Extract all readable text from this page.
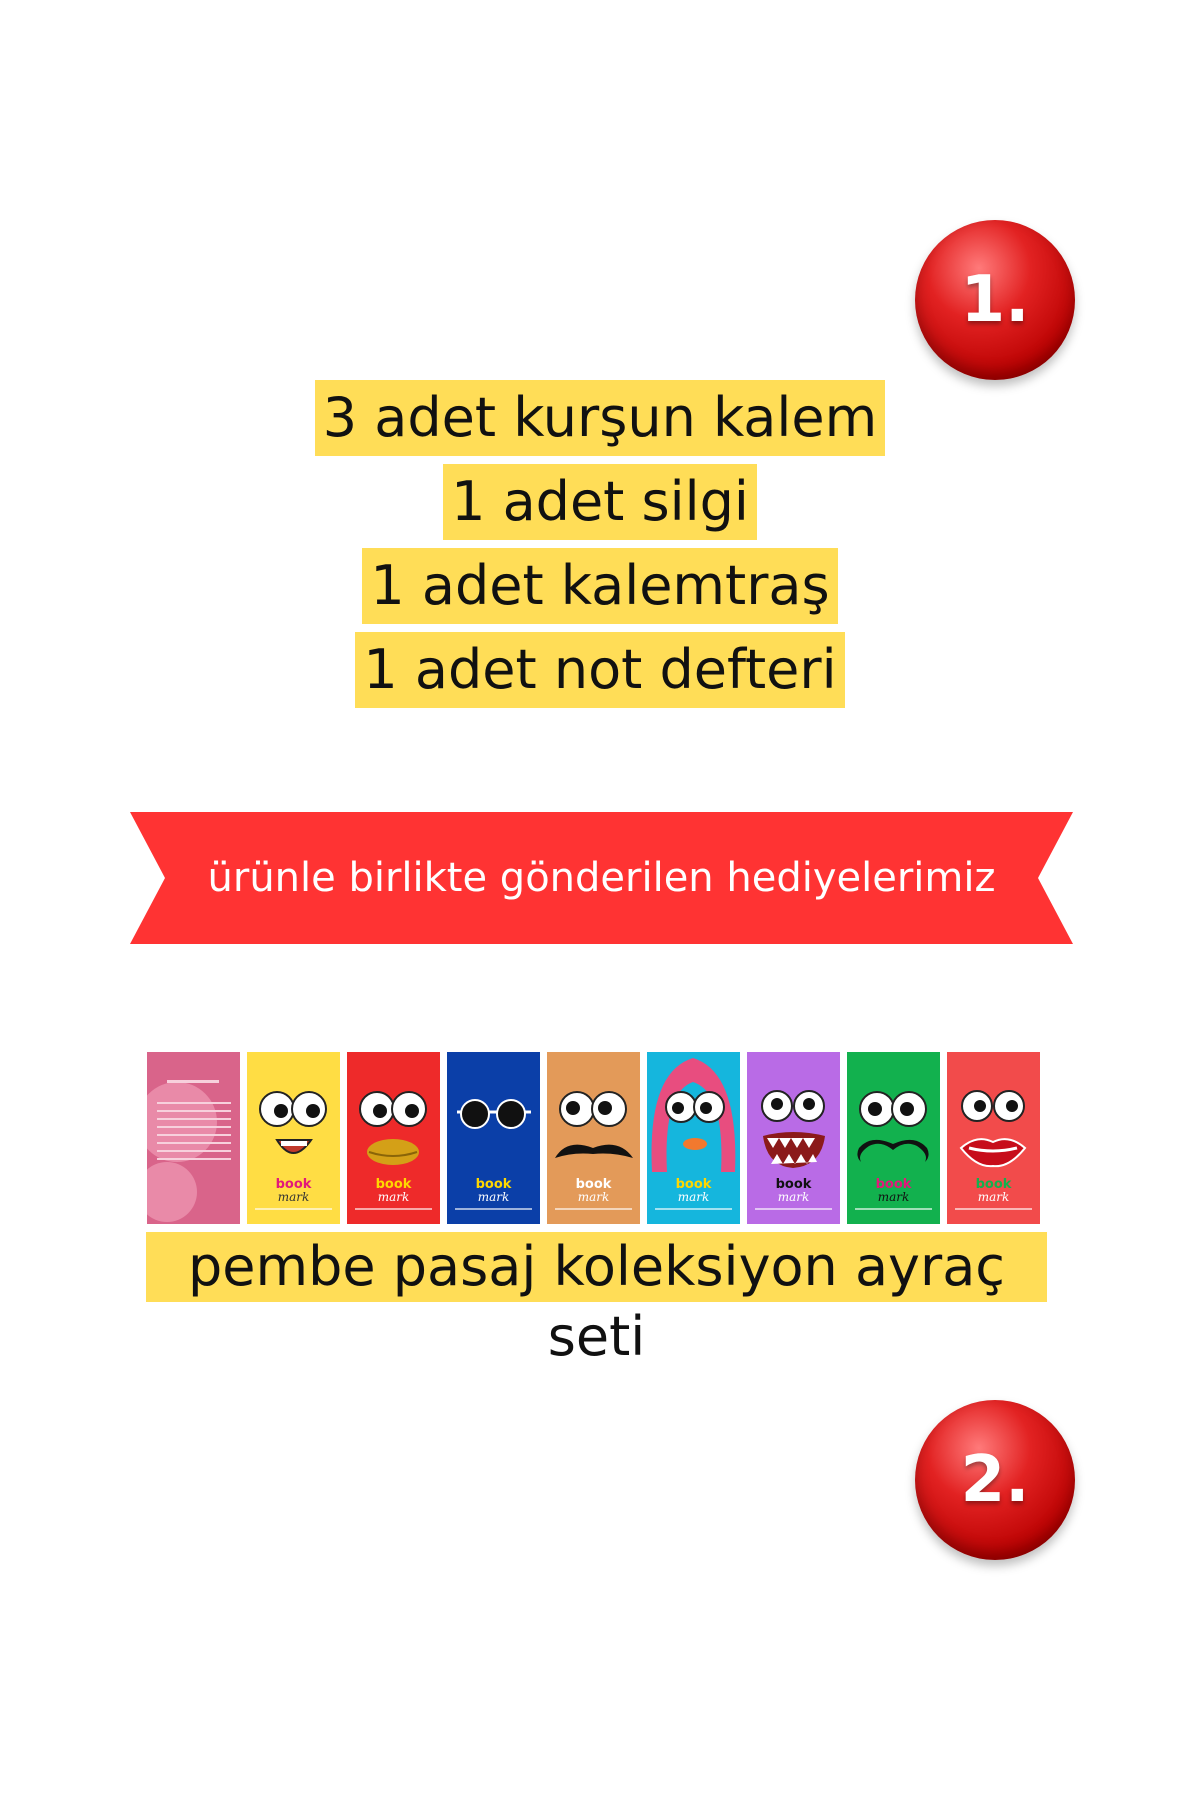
1.
3 adet kurşun kalem
1 adet silgi
1 adet kalemtraş
1 adet not defteri
ürünle birlikte gönderilen hediyelerimiz
book
mark
book
mark
book
mark
book
mark
book
mark
book
mark
book
mark
book
mark
pembe pasaj koleksiyon ayraç seti
2.
